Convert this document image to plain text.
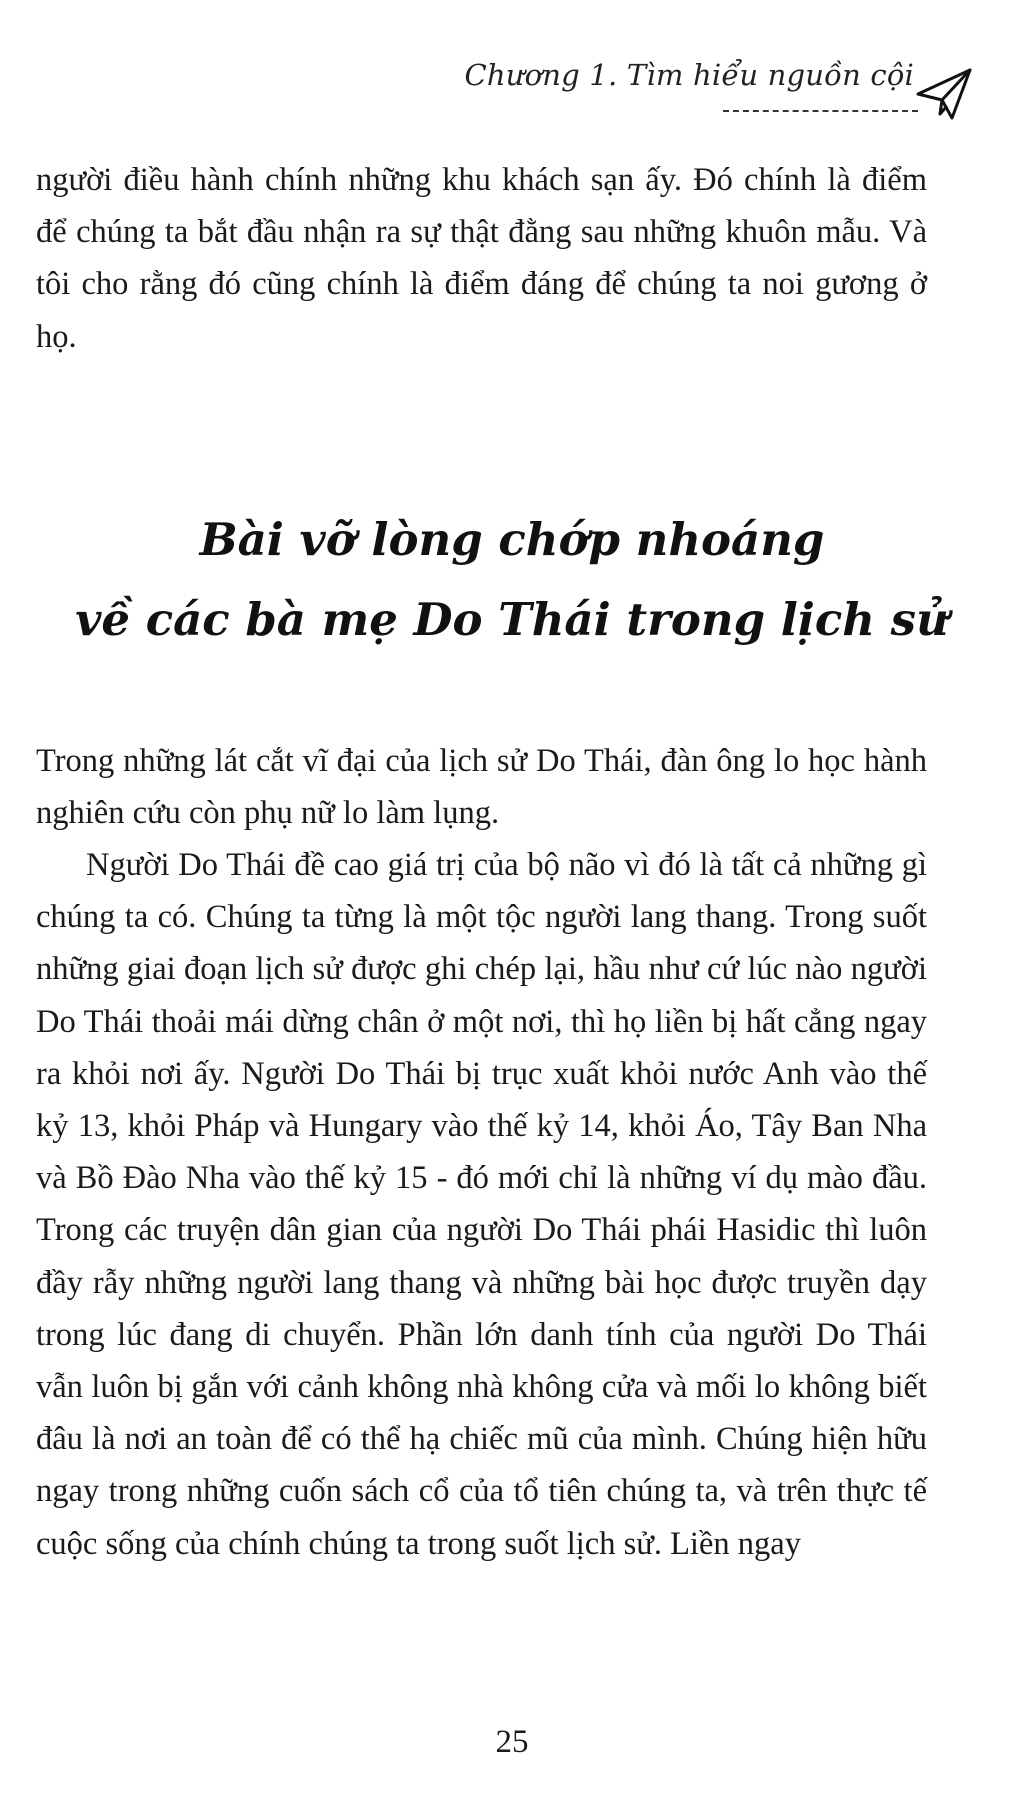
Chương 1. Tìm hiểu nguồn cội

người điều hành chính những khu khách sạn ấy. Đó chính là điểm để chúng ta bắt đầu nhận ra sự thật đằng sau những khuôn mẫu. Và tôi cho rằng đó cũng chính là điểm đáng để chúng ta noi gương ở họ.

Bài vỡ lòng chớp nhoáng
về các bà mẹ Do Thái trong lịch sử

Trong những lát cắt vĩ đại của lịch sử Do Thái, đàn ông lo học hành nghiên cứu còn phụ nữ lo làm lụng.

Người Do Thái đề cao giá trị của bộ não vì đó là tất cả những gì chúng ta có. Chúng ta từng là một tộc người lang thang. Trong suốt những giai đoạn lịch sử được ghi chép lại, hầu như cứ lúc nào người Do Thái thoải mái dừng chân ở một nơi, thì họ liền bị hất cẳng ngay ra khỏi nơi ấy. Người Do Thái bị trục xuất khỏi nước Anh vào thế kỷ 13, khỏi Pháp và Hungary vào thế kỷ 14, khỏi Áo, Tây Ban Nha và Bồ Đào Nha vào thế kỷ 15 - đó mới chỉ là những ví dụ mào đầu. Trong các truyện dân gian của người Do Thái phái Hasidic thì luôn đầy rẫy những người lang thang và những bài học được truyền dạy trong lúc đang di chuyển. Phần lớn danh tính của người Do Thái vẫn luôn bị gắn với cảnh không nhà không cửa và mối lo không biết đâu là nơi an toàn để có thể hạ chiếc mũ của mình. Chúng hiện hữu ngay trong những cuốn sách cổ của tổ tiên chúng ta, và trên thực tế cuộc sống của chính chúng ta trong suốt lịch sử. Liền ngay

25
